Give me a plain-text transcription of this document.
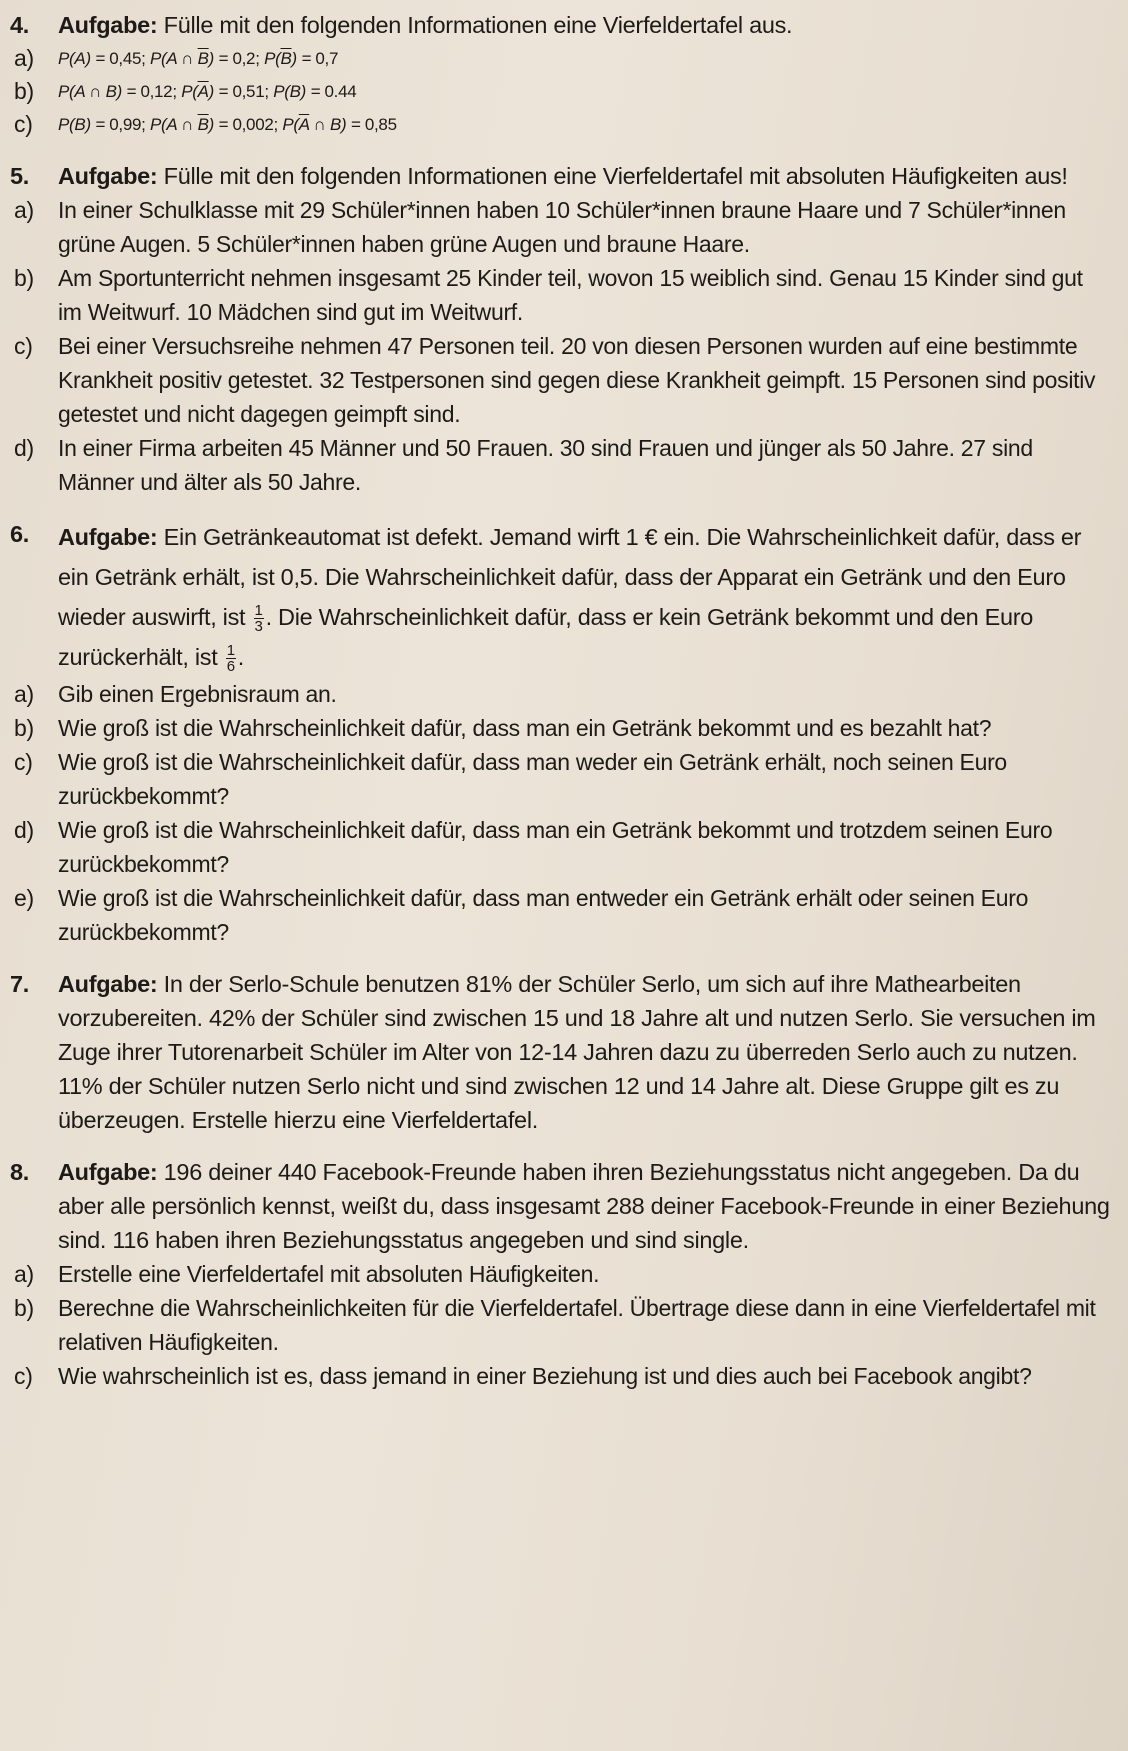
4.	Aufgabe: Fülle mit den folgenden Informationen eine Vierfeldertafel aus.
a)	P(A) = 0,45; P(A ∩ $\overline{B}) = 0,2$; $P(\overline{B}) = 0,7$
b)	P(A ∩ B) = 0,12; $P(\overline{A}) = 0,51$; P(B) = 0.44
c)	P(B) = 0,99; P(A ∩ $\overline{B}) = 0,002$; $P(\overline{A}$ ∩ B) = 0,85
5.	Aufgabe: Fülle mit den folgenden Informationen eine Vierfeldertafel mit absoluten Häufigkeiten aus!
a)	In einer Schulklasse mit 29 Schüler*innen haben 10 Schüler*innen braune Haare und 7 Schüler*innen grüne Augen. 5 Schüler*innen haben grüne Augen und braune Haare.
b)	Am Sportunterricht nehmen insgesamt 25 Kinder teil, wovon 15 weiblich sind. Genau 15 Kinder sind gut im Weitwurf. 10 Mädchen sind gut im Weitwurf.
c)	Bei einer Versuchsreihe nehmen 47 Personen teil. 20 von diesen Personen wurden auf eine bestimmte Krankheit positiv getestet. 32 Testpersonen sind gegen diese Krankheit geimpft. 15 Personen sind positiv getestet und nicht dagegen geimpft sind.
d)	In einer Firma arbeiten 45 Männer und 50 Frauen. 30 sind Frauen und jünger als 50 Jahre. 27 sind Männer und älter als 50 Jahre.
6.	Aufgabe: Ein Getränkeautomat ist defekt. Jemand wirft 1 € ein. Die Wahrscheinlichkeit dafür, dass er ein Getränk erhält, ist 0,5. Die Wahrscheinlichkeit dafür, dass der Apparat ein Getränk und den Euro wieder auswirft, ist $\frac{1}{3}$ . Die Wahrscheinlichkeit dafür, dass er kein Getränk bekommt und den Euro zurückerhält, ist $\frac{1}{6}$ .
a)	Gib einen Ergebnisraum an.
b)	Wie groß ist die Wahrscheinlichkeit dafür, dass man ein Getränk bekommt und es bezahlt hat?
c)	Wie groß ist die Wahrscheinlichkeit dafür, dass man weder ein Getränk erhält, noch seinen Euro zurückbekommt?
d)	Wie groß ist die Wahrscheinlichkeit dafür, dass man ein Getränk bekommt und trotzdem seinen Euro zurückbekommt?
e)	Wie groß ist die Wahrscheinlichkeit dafür, dass man entweder ein Getränk erhält oder seinen Euro zurückbekommt?
7.	Aufgabe: In der Serlo-Schule benutzen 81% der Schüler Serlo, um sich auf ihre Mathearbeiten vorzubereiten. 42% der Schüler sind zwischen 15 und 18 Jahre alt und nutzen Serlo. Sie versuchen im Zuge ihrer Tutorenarbeit Schüler im Alter von 12-14 Jahren dazu zu überreden Serlo auch zu nutzen. 11% der Schüler nutzen Serlo nicht und sind zwischen 12 und 14 Jahre alt. Diese Gruppe gilt es zu überzeugen. Erstelle hierzu eine Vierfeldertafel.
8.	Aufgabe: 196 deiner 440 Facebook-Freunde haben ihren Beziehungsstatus nicht angegeben. Da du aber alle persönlich kennst, weißt du, dass insgesamt 288 deiner Facebook-Freunde in einer Beziehung sind. 116 haben ihren Beziehungsstatus angegeben und sind single.
a)	Erstelle eine Vierfeldertafel mit absoluten Häufigkeiten.
b)	Berechne die Wahrscheinlichkeiten für die Vierfeldertafel. Übertrage diese dann in eine Vierfeldertafel mit relativen Häufigkeiten.
c)	Wie wahrscheinlich ist es, dass jemand in einer Beziehung ist und dies auch bei Facebook angibt?
